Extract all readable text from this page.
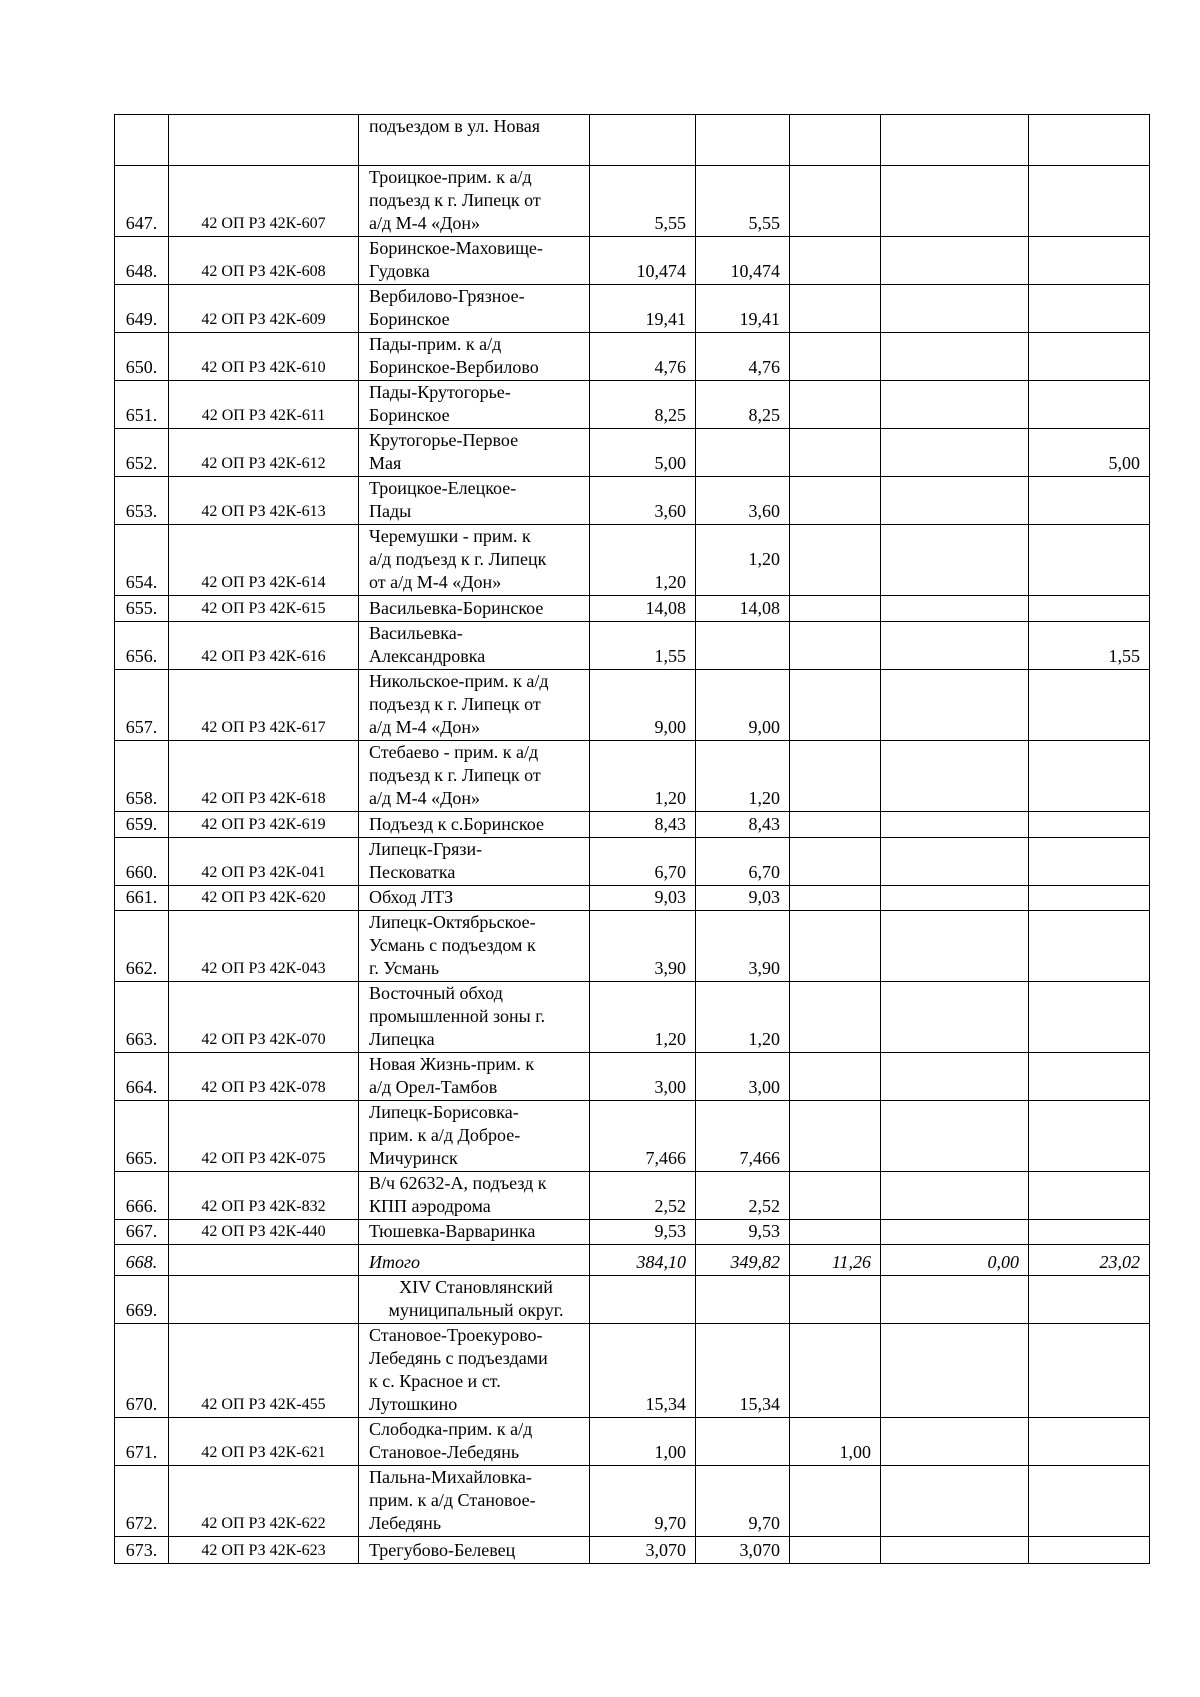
		подъездом в ул. Новая					
647.	42 ОП РЗ 42К-607	Троицкое-прим. к а/д
подъезд к г. Липецк от
а/д М-4 «Дон»	5,55	5,55			
648.	42 ОП РЗ 42К-608	Боринское-Маховище-
Гудовка	10,474	10,474			
649.	42 ОП РЗ 42К-609	Вербилово-Грязное-
Боринское	19,41	19,41			
650.	42 ОП РЗ 42К-610	Пады-прим. к а/д
Боринское-Вербилово	4,76	4,76			
651.	42 ОП РЗ 42К-611	Пады-Крутогорье-
Боринское	8,25	8,25			
652.	42 ОП РЗ 42К-612	Крутогорье-Первое
Мая	5,00				5,00
653.	42 ОП РЗ 42К-613	Троицкое-Елецкое-
Пады	3,60	3,60			
654.	42 ОП РЗ 42К-614	Черемушки - прим. к
а/д подъезд к г. Липецк
от а/д М-4 «Дон»	1,20	1,20			
655.	42 ОП РЗ 42К-615	Васильевка-Боринское	14,08	14,08			
656.	42 ОП РЗ 42К-616	Васильевка-
Александровка	1,55				1,55
657.	42 ОП РЗ 42К-617	Никольское-прим. к а/д
подъезд к г. Липецк от
а/д М-4 «Дон»	9,00	9,00			
658.	42 ОП РЗ 42К-618	Стебаево - прим. к а/д
подъезд к г. Липецк от
а/д М-4 «Дон»	1,20	1,20			
659.	42 ОП РЗ 42К-619	Подъезд к с.Боринское	8,43	8,43			
660.	42 ОП РЗ 42К-041	Липецк-Грязи-
Песковатка	6,70	6,70			
661.	42 ОП РЗ 42К-620	Обход ЛТЗ	9,03	9,03			
662.	42 ОП РЗ 42К-043	Липецк-Октябрьское-
Усмань с подъездом к
г. Усмань	3,90	3,90			
663.	42 ОП РЗ 42К-070	Восточный обход
промышленной зоны г.
Липецка	1,20	1,20			
664.	42 ОП РЗ 42К-078	Новая Жизнь-прим. к
а/д Орел-Тамбов	3,00	3,00			
665.	42 ОП РЗ 42К-075	Липецк-Борисовка-
прим. к а/д Доброе-
Мичуринск	7,466	7,466			
666.	42 ОП РЗ 42К-832	В/ч 62632-А, подъезд к
КПП аэродрома	2,52	2,52			
667.	42 ОП РЗ 42К-440	Тюшевка-Варваринка	9,53	9,53			
668.		Итого	384,10	349,82	11,26	0,00	23,02
669.		XIV Становлянский
муниципальный округ.					
670.	42 ОП РЗ 42К-455	Становое-Троекурово-
Лебедянь с подъездами
к с. Красное и ст.
Лутошкино	15,34	15,34			
671.	42 ОП РЗ 42К-621	Слободка-прим. к а/д
Становое-Лебедянь	1,00		1,00		
672.	42 ОП РЗ 42К-622	Пальна-Михайловка-
прим. к а/д Становое-
Лебедянь	9,70	9,70			
673.	42 ОП РЗ 42К-623	Трегубово-Белевец	3,070	3,070			
